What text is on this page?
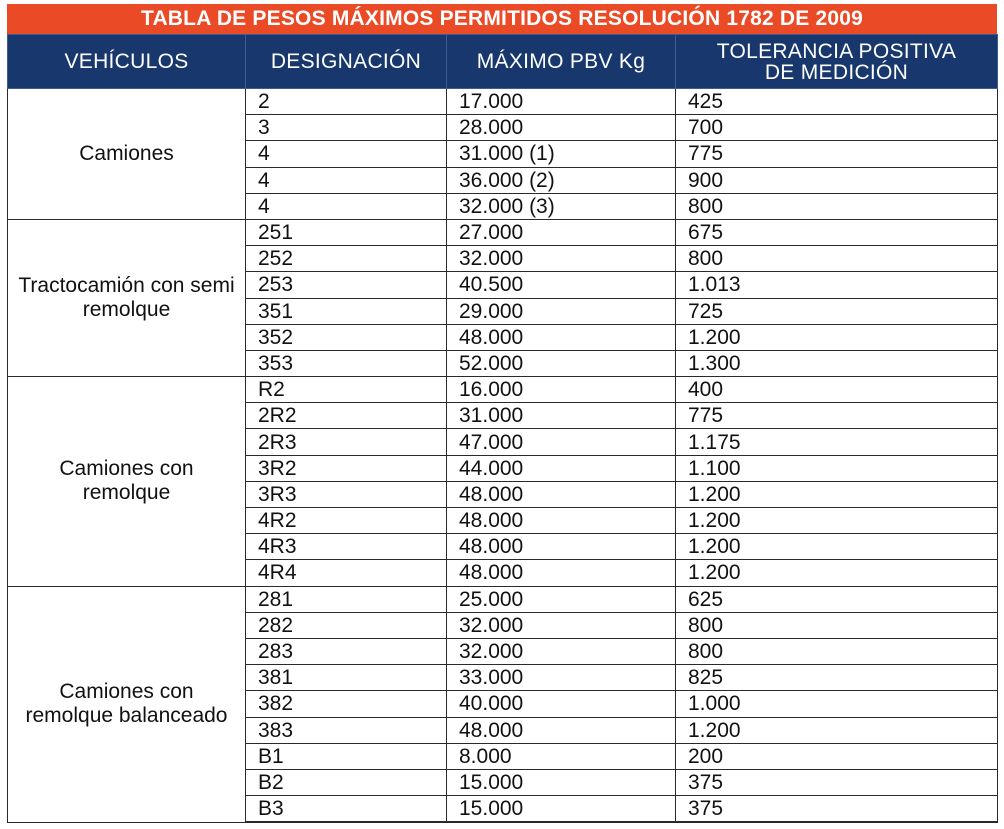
TABLA DE PESOS MÁXIMOS PERMITIDOS RESOLUCIÓN 1782 DE 2009
VEHÍCULOS	DESIGNACIÓN	MÁXIMO PBV Kg	TOLERANCIA POSITIVA
DE MEDICIÓN

Camiones	2	17.000	425
	3	28.000	700
	4	31.000 (1)	775
	4	36.000 (2)	900
	4	32.000 (3)	800
Tractocamión con semi remolque	251	27.000	675
	252	32.000	800
	253	40.500	1.013
	351	29.000	725
	352	48.000	1.200
	353	52.000	1.300
Camiones con remolque	R2	16.000	400
	2R2	31.000	775
	2R3	47.000	1.175
	3R2	44.000	1.100
	3R3	48.000	1.200
	4R2	48.000	1.200
	4R3	48.000	1.200
	4R4	48.000	1.200
Camiones con remolque balanceado	281	25.000	625
	282	32.000	800
	283	32.000	800
	381	33.000	825
	382	40.000	1.000
	383	48.000	1.200
	B1	8.000	200
	B2	15.000	375
	B3	15.000	375
